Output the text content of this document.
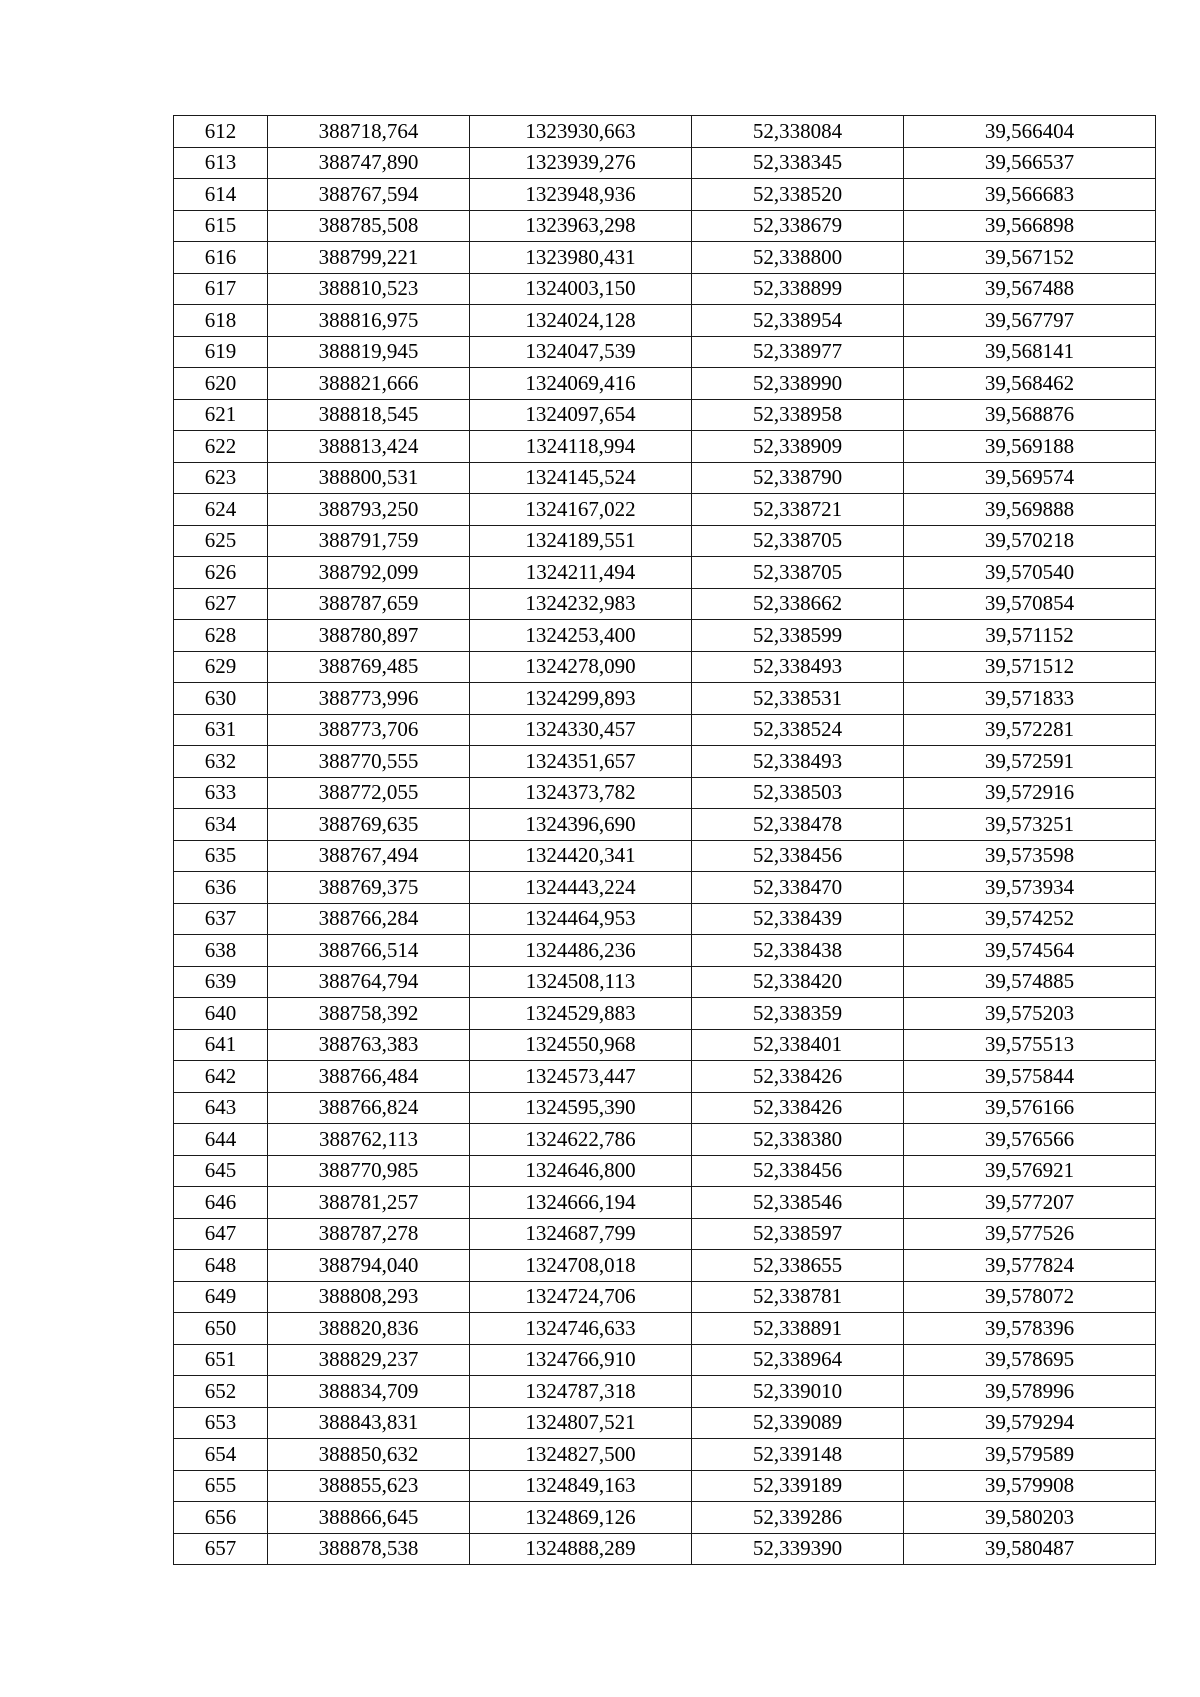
612	388718,764	1323930,663	52,338084	39,566404
613	388747,890	1323939,276	52,338345	39,566537
614	388767,594	1323948,936	52,338520	39,566683
615	388785,508	1323963,298	52,338679	39,566898
616	388799,221	1323980,431	52,338800	39,567152
617	388810,523	1324003,150	52,338899	39,567488
618	388816,975	1324024,128	52,338954	39,567797
619	388819,945	1324047,539	52,338977	39,568141
620	388821,666	1324069,416	52,338990	39,568462
621	388818,545	1324097,654	52,338958	39,568876
622	388813,424	1324118,994	52,338909	39,569188
623	388800,531	1324145,524	52,338790	39,569574
624	388793,250	1324167,022	52,338721	39,569888
625	388791,759	1324189,551	52,338705	39,570218
626	388792,099	1324211,494	52,338705	39,570540
627	388787,659	1324232,983	52,338662	39,570854
628	388780,897	1324253,400	52,338599	39,571152
629	388769,485	1324278,090	52,338493	39,571512
630	388773,996	1324299,893	52,338531	39,571833
631	388773,706	1324330,457	52,338524	39,572281
632	388770,555	1324351,657	52,338493	39,572591
633	388772,055	1324373,782	52,338503	39,572916
634	388769,635	1324396,690	52,338478	39,573251
635	388767,494	1324420,341	52,338456	39,573598
636	388769,375	1324443,224	52,338470	39,573934
637	388766,284	1324464,953	52,338439	39,574252
638	388766,514	1324486,236	52,338438	39,574564
639	388764,794	1324508,113	52,338420	39,574885
640	388758,392	1324529,883	52,338359	39,575203
641	388763,383	1324550,968	52,338401	39,575513
642	388766,484	1324573,447	52,338426	39,575844
643	388766,824	1324595,390	52,338426	39,576166
644	388762,113	1324622,786	52,338380	39,576566
645	388770,985	1324646,800	52,338456	39,576921
646	388781,257	1324666,194	52,338546	39,577207
647	388787,278	1324687,799	52,338597	39,577526
648	388794,040	1324708,018	52,338655	39,577824
649	388808,293	1324724,706	52,338781	39,578072
650	388820,836	1324746,633	52,338891	39,578396
651	388829,237	1324766,910	52,338964	39,578695
652	388834,709	1324787,318	52,339010	39,578996
653	388843,831	1324807,521	52,339089	39,579294
654	388850,632	1324827,500	52,339148	39,579589
655	388855,623	1324849,163	52,339189	39,579908
656	388866,645	1324869,126	52,339286	39,580203
657	388878,538	1324888,289	52,339390	39,580487
